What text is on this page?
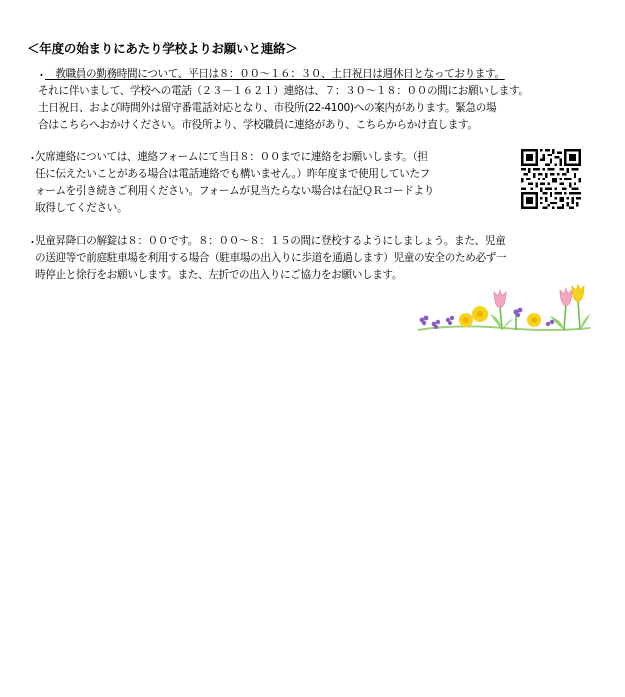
＜年度の始まりにあたり学校よりお願いと連絡＞
・
　教職員の勤務時間について、平日は８：００～１６：３０、土日祝日は週休日となっております。
それに伴いまして、学校への電話（２３－１６２１）連絡は、７：３０～１８：００の間にお願いします。
土日祝日、および時間外は留守番電話対応となり、市役所(22-4100)への案内があります。緊急の場
合はこちらへおかけください。市役所より、学校職員に連絡があり、こちらからかけ直します。
・
欠席連絡については、連絡フォームにて当日８：００までに連絡をお願いします。（担
任に伝えたいことがある場合は電話連絡でも構いません。）昨年度まで使用していたフ
ォームを引き続きご利用ください。フォームが見当たらない場合は右記ＱＲコードより
取得してください。
・
児童昇降口の解錠は８：００です。８：００～８：１５の間に登校するようにしましょう。また、児童
の送迎等で前庭駐車場を利用する場合（駐車場の出入りに歩道を通過します）児童の安全のため必ず一
時停止と徐行をお願いします。また、左折での出入りにご協力をお願いします。
